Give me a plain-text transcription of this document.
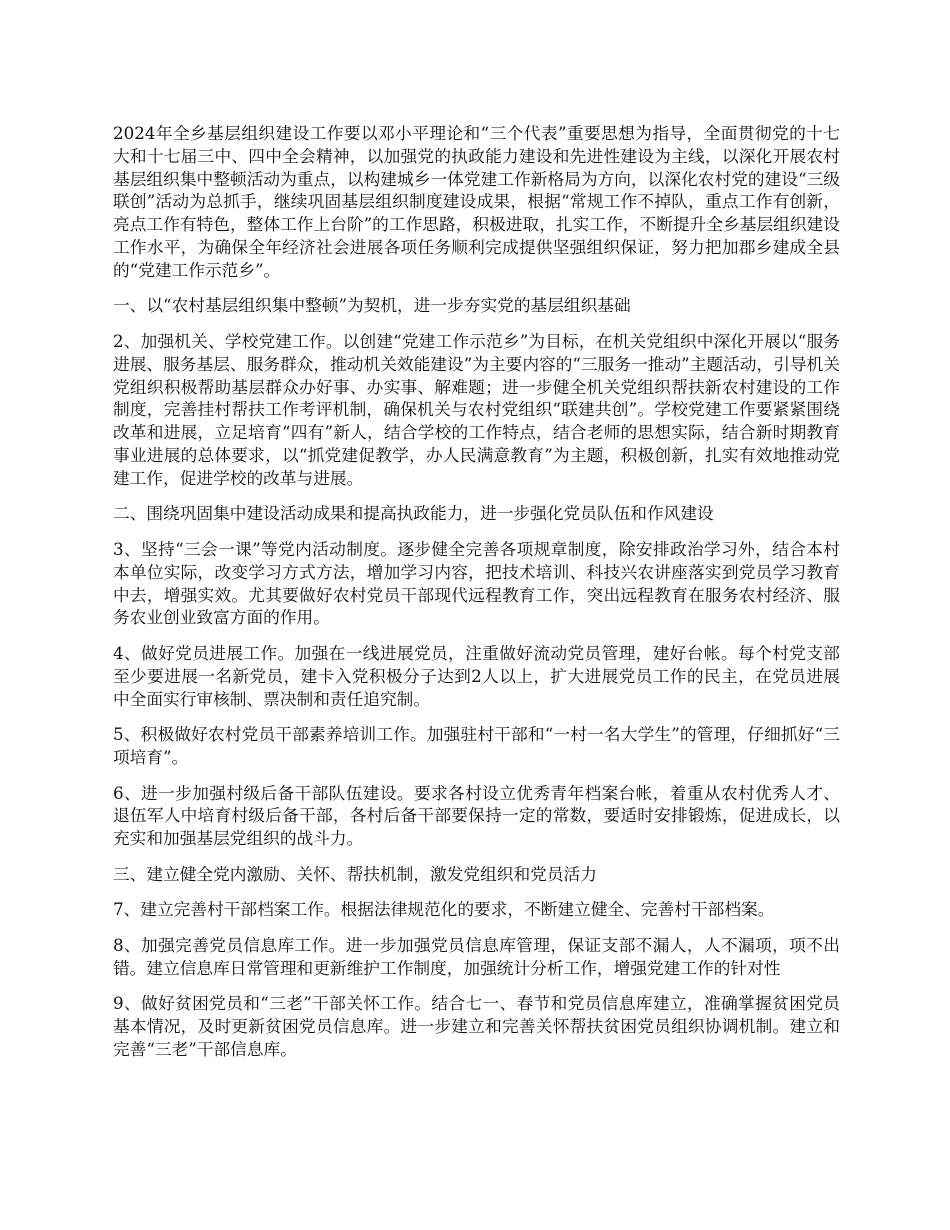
2024年全乡基层组织建设工作要以邓小平理论和“三个代表”重要思想为指导，全面贯彻党的十七大和十七届三中、四中全会精神，以加强党的执政能力建设和先进性建设为主线，以深化开展农村基层组织集中整顿活动为重点，以构建城乡一体党建工作新格局为方向，以深化农村党的建设“三级联创”活动为总抓手，继续巩固基层组织制度建设成果，根据“常规工作不掉队，重点工作有创新，亮点工作有特色，整体工作上台阶”的工作思路，积极进取，扎实工作，不断提升全乡基层组织建设工作水平，为确保全年经济社会进展各项任务顺利完成提供坚强组织保证，努力把加郡乡建成全县的“党建工作示范乡”。

一、以“农村基层组织集中整顿”为契机，进一步夯实党的基层组织基础

2、加强机关、学校党建工作。以创建“党建工作示范乡”为目标，在机关党组织中深化开展以“服务进展、服务基层、服务群众，推动机关效能建设”为主要内容的“三服务一推动”主题活动，引导机关党组织积极帮助基层群众办好事、办实事、解难题；进一步健全机关党组织帮扶新农村建设的工作制度，完善挂村帮扶工作考评机制，确保机关与农村党组织“联建共创”。学校党建工作要紧紧围绕改革和进展，立足培育“四有”新人，结合学校的工作特点，结合老师的思想实际，结合新时期教育事业进展的总体要求，以“抓党建促教学，办人民满意教育”为主题，积极创新，扎实有效地推动党建工作，促进学校的改革与进展。

二、围绕巩固集中建设活动成果和提高执政能力，进一步强化党员队伍和作风建设

3、坚持“三会一课”等党内活动制度。逐步健全完善各项规章制度，除安排政治学习外，结合本村本单位实际，改变学习方式方法，增加学习内容，把技术培训、科技兴农讲座落实到党员学习教育中去，增强实效。尤其要做好农村党员干部现代远程教育工作，突出远程教育在服务农村经济、服务农业创业致富方面的作用。

4、做好党员进展工作。加强在一线进展党员，注重做好流动党员管理，建好台帐。每个村党支部至少要进展一名新党员，建卡入党积极分子达到2人以上，扩大进展党员工作的民主，在党员进展中全面实行审核制、票决制和责任追究制。

5、积极做好农村党员干部素养培训工作。加强驻村干部和“一村一名大学生”的管理，仔细抓好“三项培育”。

6、进一步加强村级后备干部队伍建设。要求各村设立优秀青年档案台帐，着重从农村优秀人才、退伍军人中培育村级后备干部，各村后备干部要保持一定的常数，要适时安排锻炼，促进成长，以充实和加强基层党组织的战斗力。

三、建立健全党内激励、关怀、帮扶机制，激发党组织和党员活力

7、建立完善村干部档案工作。根据法律规范化的要求，不断建立健全、完善村干部档案。

8、加强完善党员信息库工作。进一步加强党员信息库管理，保证支部不漏人，人不漏项，项不出错。建立信息库日常管理和更新维护工作制度，加强统计分析工作，增强党建工作的针对性

9、做好贫困党员和“三老”干部关怀工作。结合七一、春节和党员信息库建立，准确掌握贫困党员基本情况，及时更新贫困党员信息库。进一步建立和完善关怀帮扶贫困党员组织协调机制。建立和完善“三老”干部信息库。
